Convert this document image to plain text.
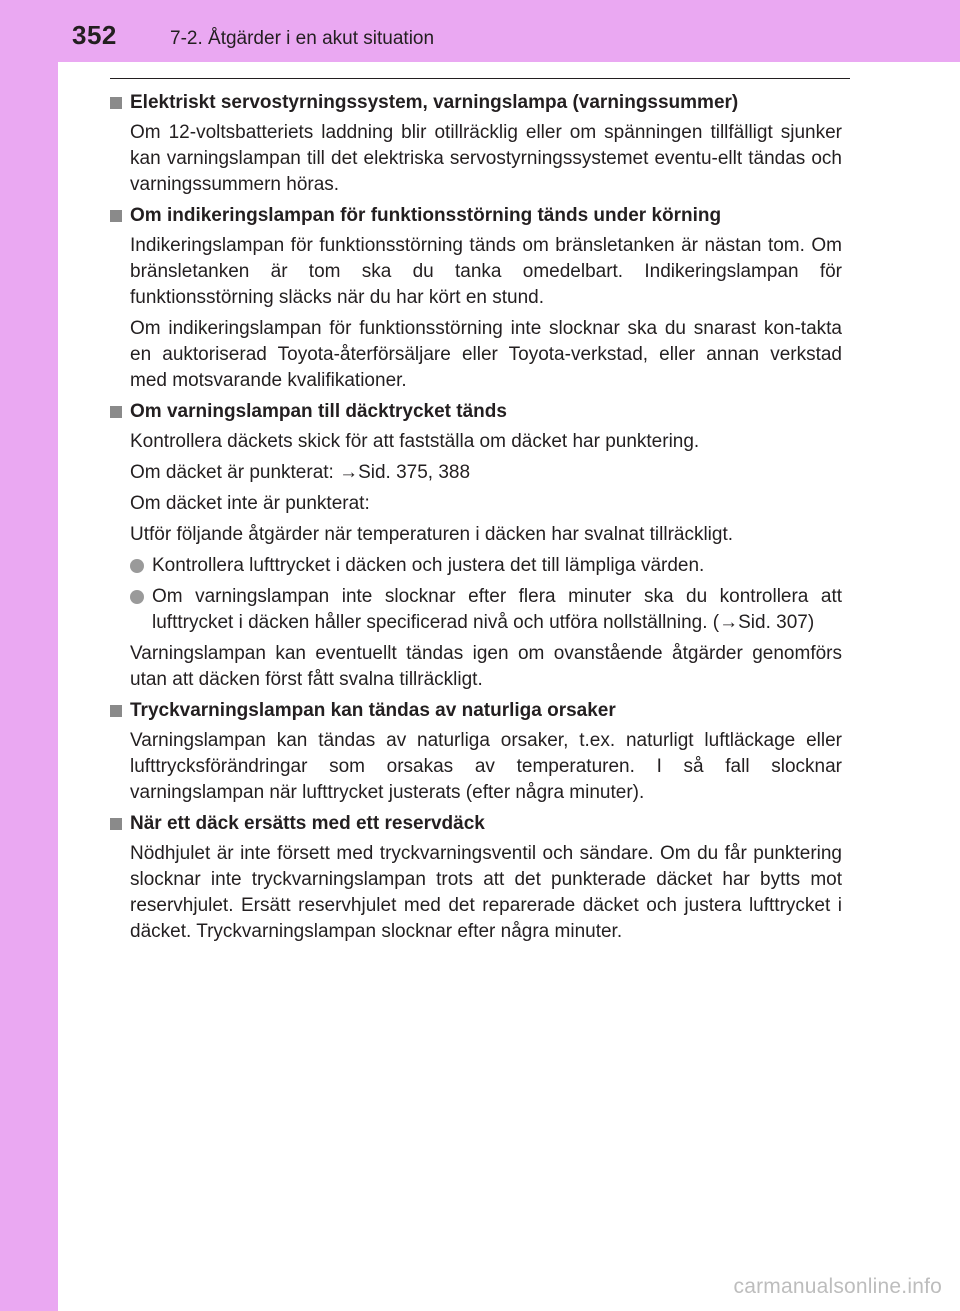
352	7-2. Åtgärder i en akut situation
Elektriskt servostyrningssystem, varningslampa (varningssummer)
Om 12-voltsbatteriets laddning blir otillräcklig eller om spänningen tillfälligt sjunker kan varningslampan till det elektriska servostyrningssystemet eventu-ellt tändas och varningssummern höras.
Om indikeringslampan för funktionsstörning tänds under körning
Indikeringslampan för funktionsstörning tänds om bränsletanken är nästan tom. Om bränsletanken är tom ska du tanka omedelbart. Indikeringslampan för funktionsstörning släcks när du har kört en stund.
Om indikeringslampan för funktionsstörning inte slocknar ska du snarast kon-takta en auktoriserad Toyota-återförsäljare eller Toyota-verkstad, eller annan verkstad med motsvarande kvalifikationer.
Om varningslampan till däcktrycket tänds
Kontrollera däckets skick för att fastställa om däcket har punktering.
Om däcket är punkterat: →Sid. 375, 388
Om däcket inte är punkterat:
Utför följande åtgärder när temperaturen i däcken har svalnat tillräckligt.
Kontrollera lufttrycket i däcken och justera det till lämpliga värden.
Om varningslampan inte slocknar efter flera minuter ska du kontrollera att lufttrycket i däcken håller specificerad nivå och utföra nollställning. (→Sid. 307)
Varningslampan kan eventuellt tändas igen om ovanstående åtgärder genomförs utan att däcken först fått svalna tillräckligt.
Tryckvarningslampan kan tändas av naturliga orsaker
Varningslampan kan tändas av naturliga orsaker, t.ex. naturligt luftläckage eller lufttrycksförändringar som orsakas av temperaturen. I så fall slocknar varningslampan när lufttrycket justerats (efter några minuter).
När ett däck ersätts med ett reservdäck
Nödhjulet är inte försett med tryckvarningsventil och sändare. Om du får punktering slocknar inte tryckvarningslampan trots att det punkterade däcket har bytts mot reservhjulet. Ersätt reservhjulet med det reparerade däcket och justera lufttrycket i däcket. Tryckvarningslampan slocknar efter några minuter.
carmanualsonline.info
